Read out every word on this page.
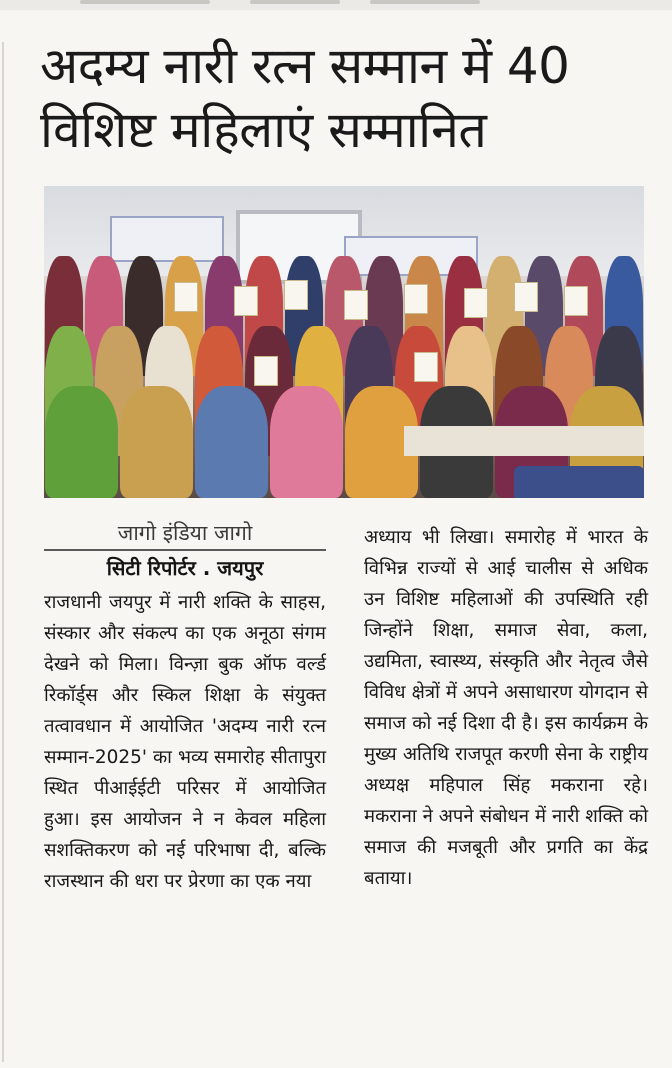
अदम्य नारी रत्न सम्मान में 40 विशिष्ट महिलाएं सम्मानित

जागो इंडिया जागो

सिटी रिपोर्टर . जयपुर

राजधानी जयपुर में नारी शक्ति के साहस, संस्कार और संकल्प का एक अनूठा संगम देखने को मिला। विन्ज़ा बुक ऑफ वर्ल्ड रिकॉर्ड्स और स्किल शिक्षा के संयुक्त तत्वावधान में आयोजित 'अदम्य नारी रत्न सम्मान-2025' का भव्य समारोह सीतापुरा स्थित पीआईईटी परिसर में आयोजित हुआ। इस आयोजन ने न केवल महिला सशक्तिकरण को नई परिभाषा दी, बल्कि राजस्थान की धरा पर प्रेरणा का एक नया

अध्याय भी लिखा। समारोह में भारत के विभिन्न राज्यों से आई चालीस से अधिक उन विशिष्ट महिलाओं की उपस्थिति रही जिन्होंने शिक्षा, समाज सेवा, कला, उद्यमिता, स्वास्थ्य, संस्कृति और नेतृत्व जैसे विविध क्षेत्रों में अपने असाधारण योगदान से समाज को नई दिशा दी है। इस कार्यक्रम के मुख्य अतिथि राजपूत करणी सेना के राष्ट्रीय अध्यक्ष महिपाल सिंह मकराना रहे। मकराना ने अपने संबोधन में नारी शक्ति को समाज की मजबूती और प्रगति का केंद्र बताया।
